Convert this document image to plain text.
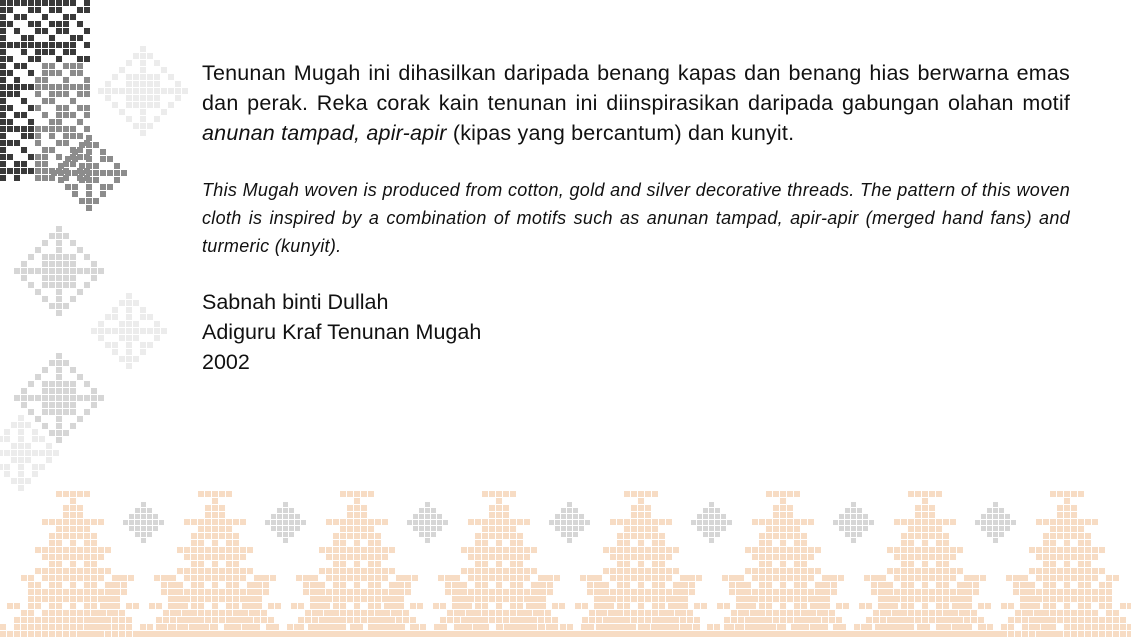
Tenunan Mugah ini dihasilkan daripada benang kapas dan benang hias berwarna emas dan perak. Reka corak kain tenunan ini diinspirasikan daripada gabungan olahan motif anunan tampad, apir-apir (kipas yang bercantum) dan kunyit.

This Mugah woven is produced from cotton, gold and silver decorative threads. The pattern of this woven cloth is inspired by a combination of motifs such as anunan tampad, apir-apir (merged hand fans) and turmeric (kunyit).

Sabnah binti Dullah
Adiguru Kraf Tenunan Mugah
2002
